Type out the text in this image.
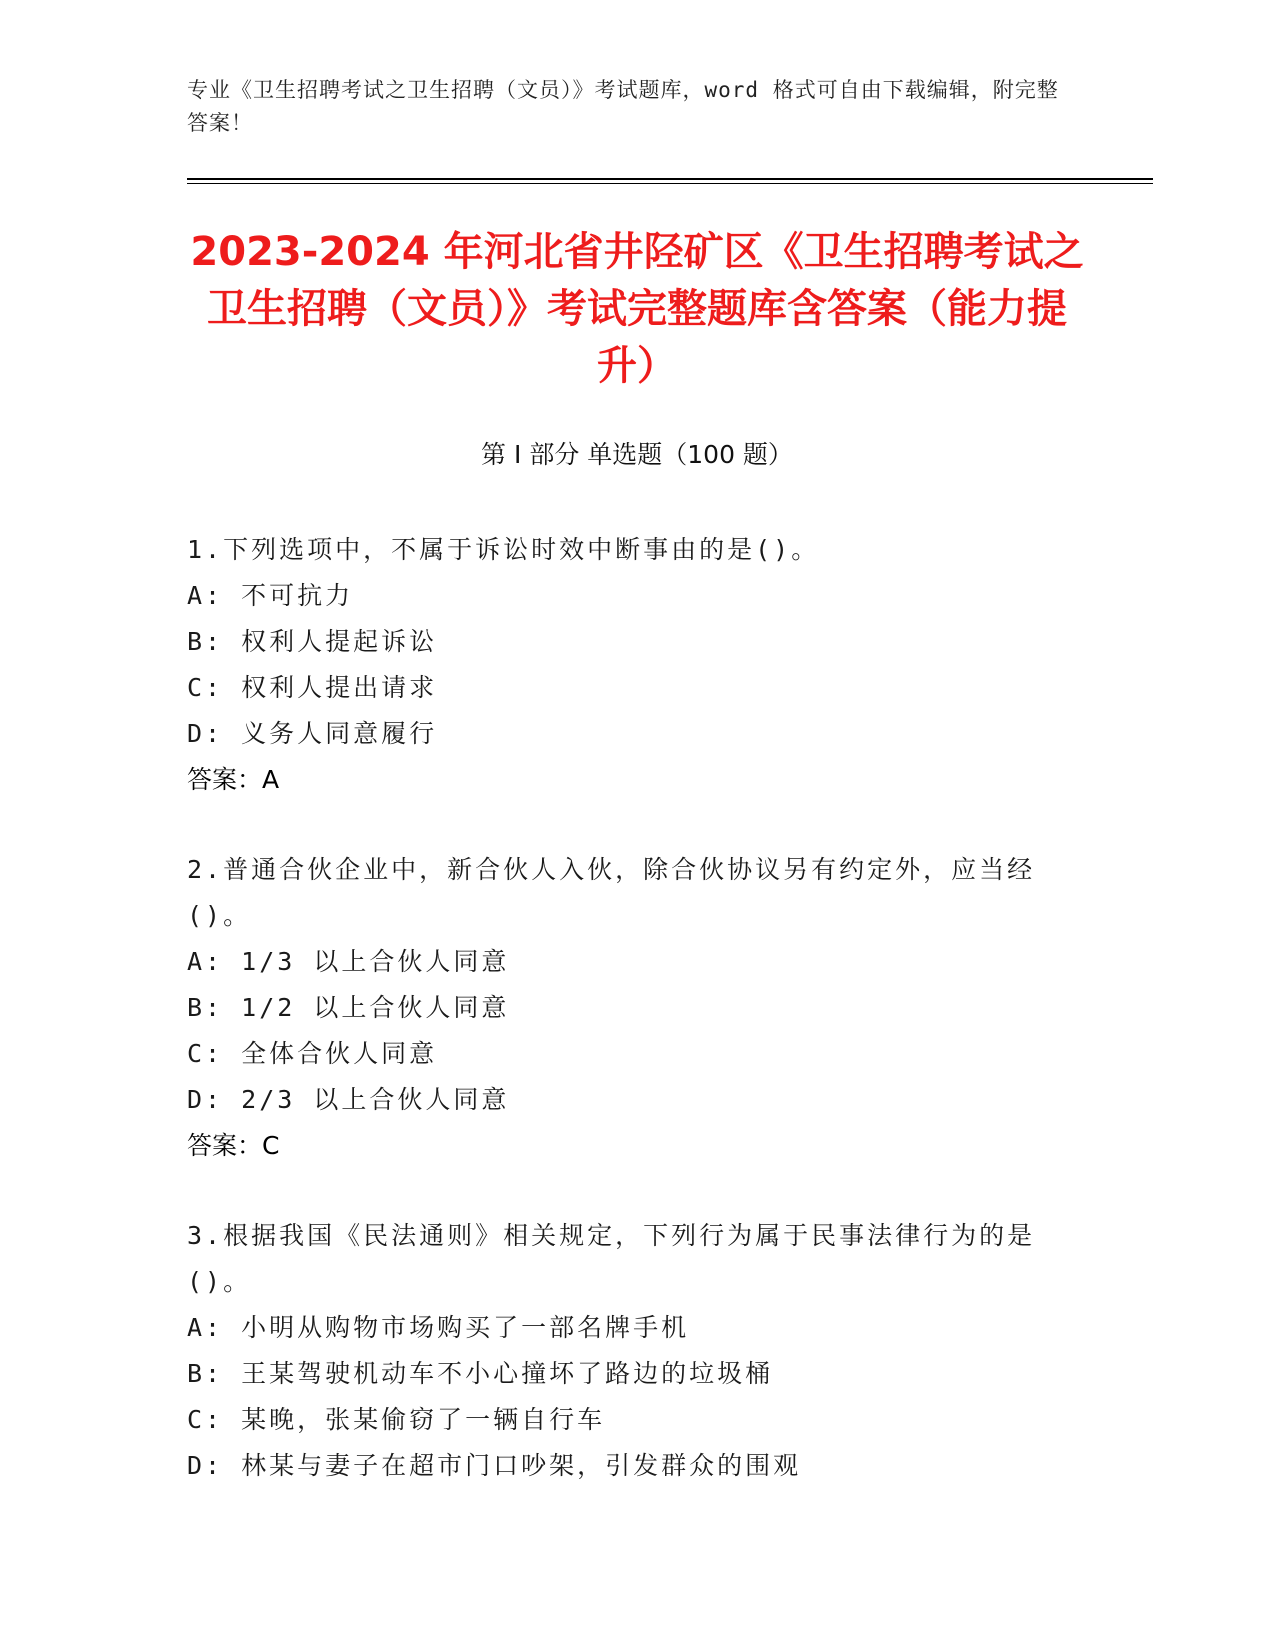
专业《卫生招聘考试之卫生招聘（文员）》考试题库，word 格式可自由下载编辑，附完整答案！
2023-2024 年河北省井陉矿区《卫生招聘考试之卫生招聘（文员）》考试完整题库含答案（能力提升）
第 I 部分 单选题（100 题）
1.下列选项中，不属于诉讼时效中断事由的是()。
A: 不可抗力
B: 权利人提起诉讼
C: 权利人提出请求
D: 义务人同意履行
答案：A
2.普通合伙企业中，新合伙人入伙，除合伙协议另有约定外，应当经()。
A: 1/3 以上合伙人同意
B: 1/2 以上合伙人同意
C: 全体合伙人同意
D: 2/3 以上合伙人同意
答案：C
3.根据我国《民法通则》相关规定，下列行为属于民事法律行为的是()。
A: 小明从购物市场购买了一部名牌手机
B: 王某驾驶机动车不小心撞坏了路边的垃圾桶
C: 某晚，张某偷窃了一辆自行车
D: 林某与妻子在超市门口吵架，引发群众的围观
